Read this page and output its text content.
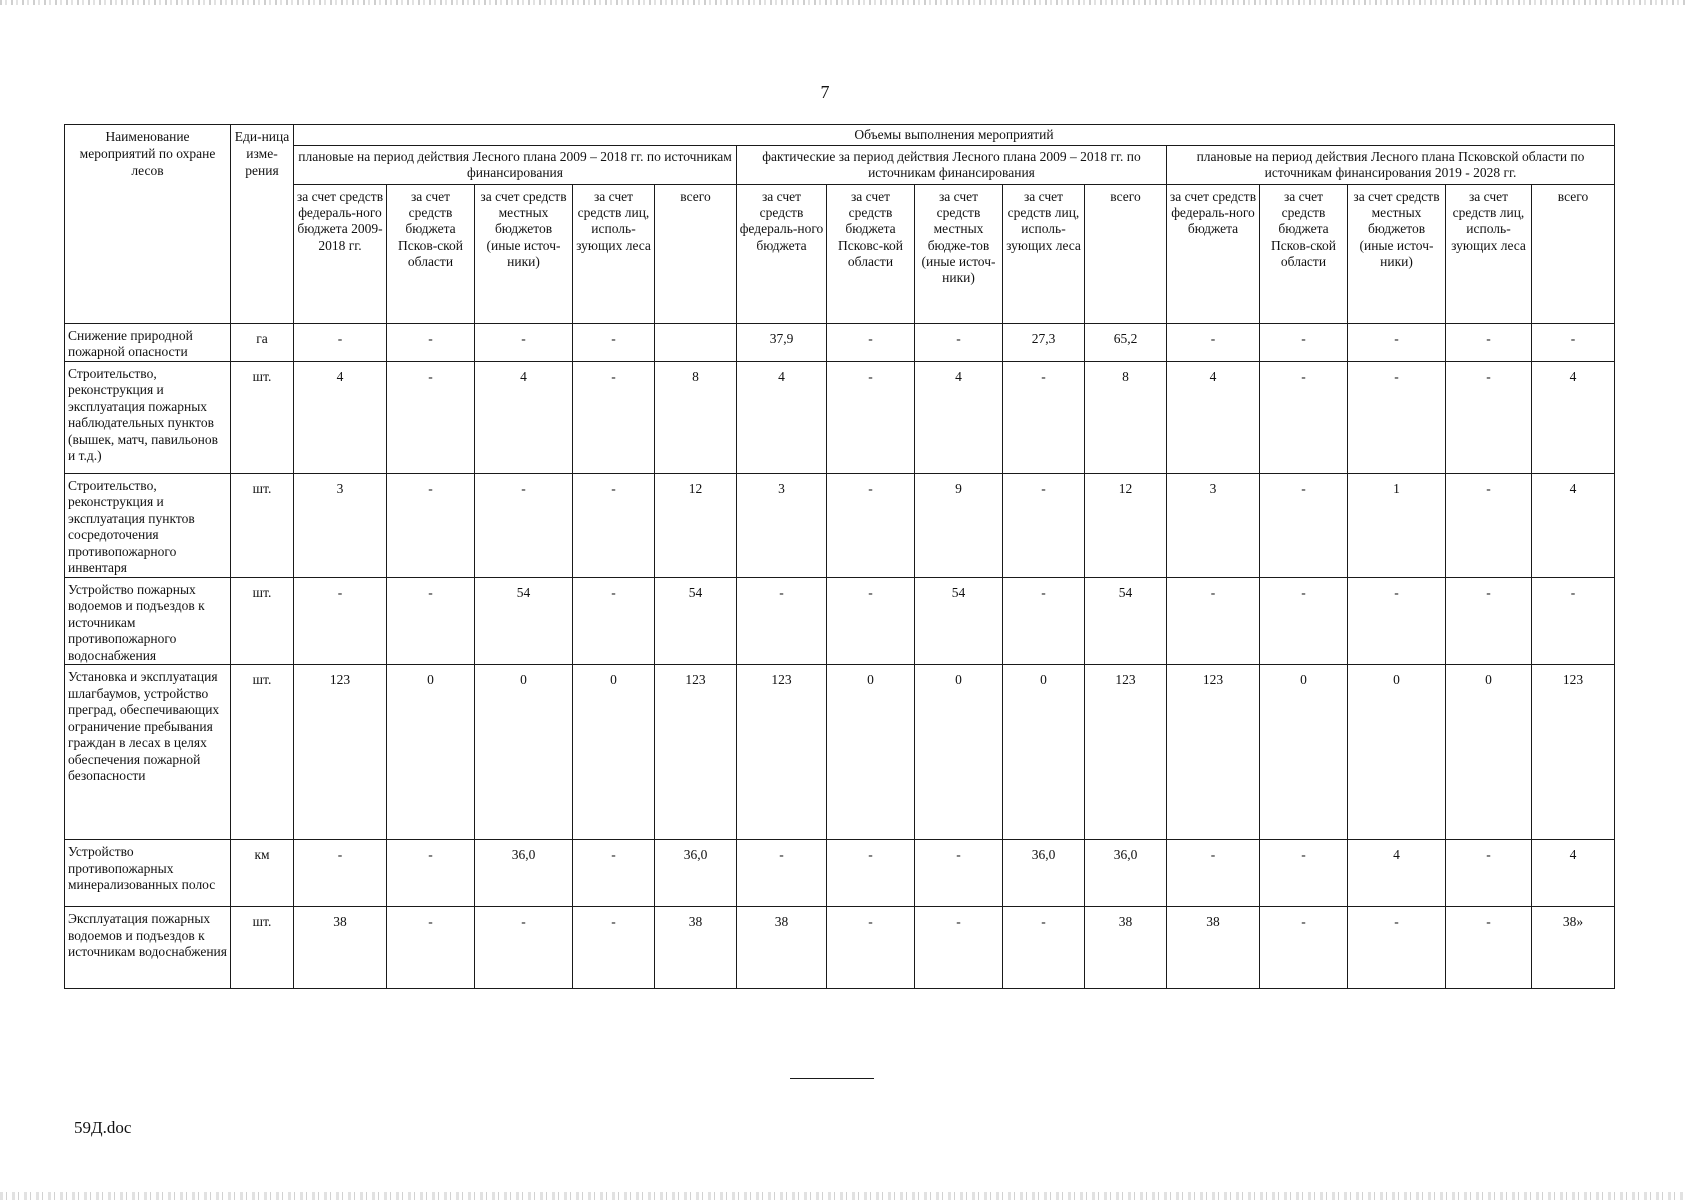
7
Наименование мероприятий по охране лесов	Еди-ница изме-рения	Объемы выполнения мероприятий														
		плановые на период действия Лесного плана 2009 – 2018 гг. по источникам финансирования					фактические за период действия Лесного плана 2009 – 2018 гг. по источникам финансирования					плановые на период действия Лесного плана Псковской области по источникам финансирования 2019 - 2028 гг.				
		за счет средств федераль-ного бюджета 2009-2018 гг.	за счет средств бюджета Псков-ской области	за счет средств местных бюджетов (иные источ-ники)	за счет средств лиц, исполь-зующих леса	всего	за счет средств федераль-ного бюджета	за счет средств бюджета Псковс-кой области	за счет средств местных бюдже-тов (иные источ-ники)	за счет средств лиц, исполь-зующих леса	всего	за счет средств федераль-ного бюджета	за счет средств бюджета Псков-ской области	за счет средств местных бюджетов (иные источ-ники)	за счет средств лиц, исполь-зующих леса	всего
Снижение природной пожарной опасности	га	-	-	-	-		37,9	-	-	27,3	65,2	-	-	-	-	-
Строительство, реконструкция и эксплуатация пожарных наблюдательных пунктов (вышек, матч, павильонов и т.д.)	шт.	4	-	4	-	8	4	-	4	-	8	4	-	-	-	4
Строительство, реконструкция и эксплуатация пунктов сосредоточения противопожарного инвентаря	шт.	3	-	-	-	12	3	-	9	-	12	3	-	1	-	4
Устройство пожарных водоемов и подъездов к источникам противопожарного водоснабжения	шт.	-	-	54	-	54	-	-	54	-	54	-	-	-	-	-
Установка и эксплуатация шлагбаумов, устройство преград, обеспечивающих ограничение пребывания граждан в лесах в целях обеспечения пожарной безопасности	шт.	123	0	0	0	123	123	0	0	0	123	123	0	0	0	123
Устройство противопожарных минерализованных полос	км	-	-	36,0	-	36,0	-	-	-	36,0	36,0	-	-	4	-	4
Эксплуатация пожарных водоемов и подъездов к источникам водоснабжения	шт.	38	-	-	-	38	38	-	-	-	38	38	-	-	-	38»
59Д.doc
